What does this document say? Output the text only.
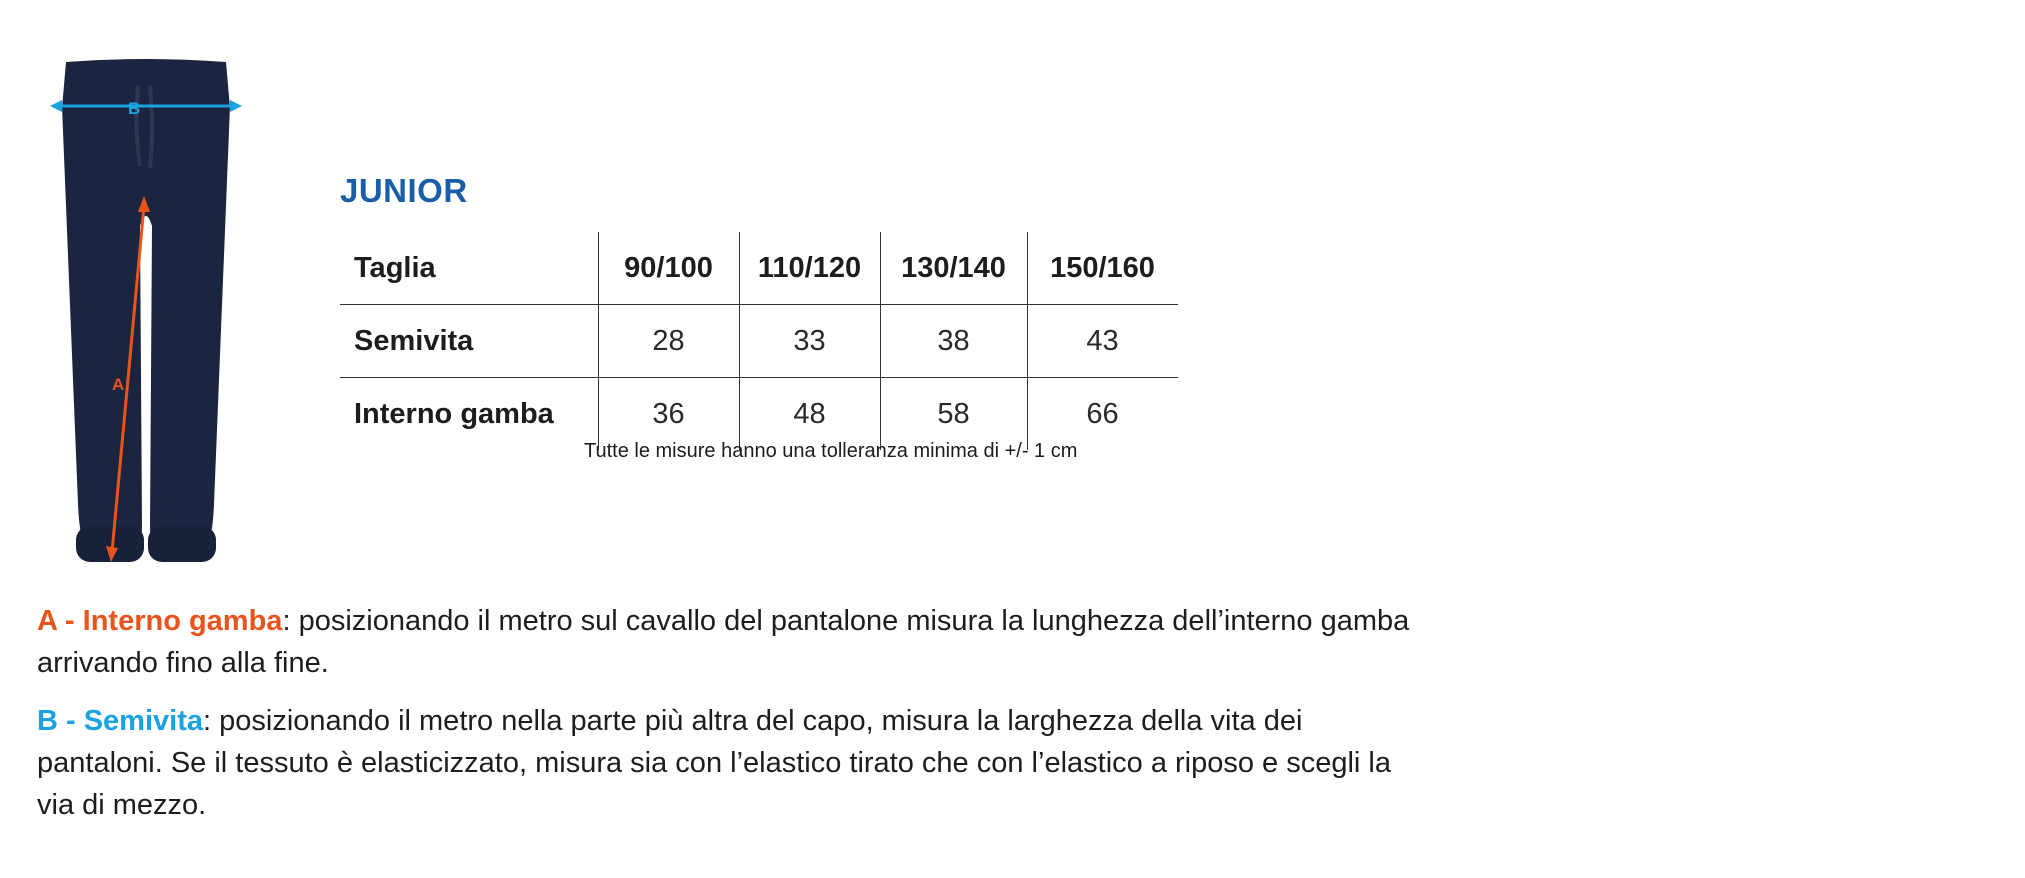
B
A
JUNIOR
Taglia	90/100	110/120	130/140	150/160
Semivita	28	33	38	43
Interno gamba	36	48	58	66
Tutte le misure hanno una tolleranza minima di +/- 1 cm
A - Interno gamba: posizionando il metro sul cavallo del pantalone misura la lunghezza dell’interno gamba arrivando fino alla fine.
B - Semivita: posizionando il metro nella parte più altra del capo, misura la larghezza della vita dei pantaloni. Se il tessuto è elasticizzato, misura sia con l’elastico tirato che con l’elastico a riposo e scegli la via di mezzo.
